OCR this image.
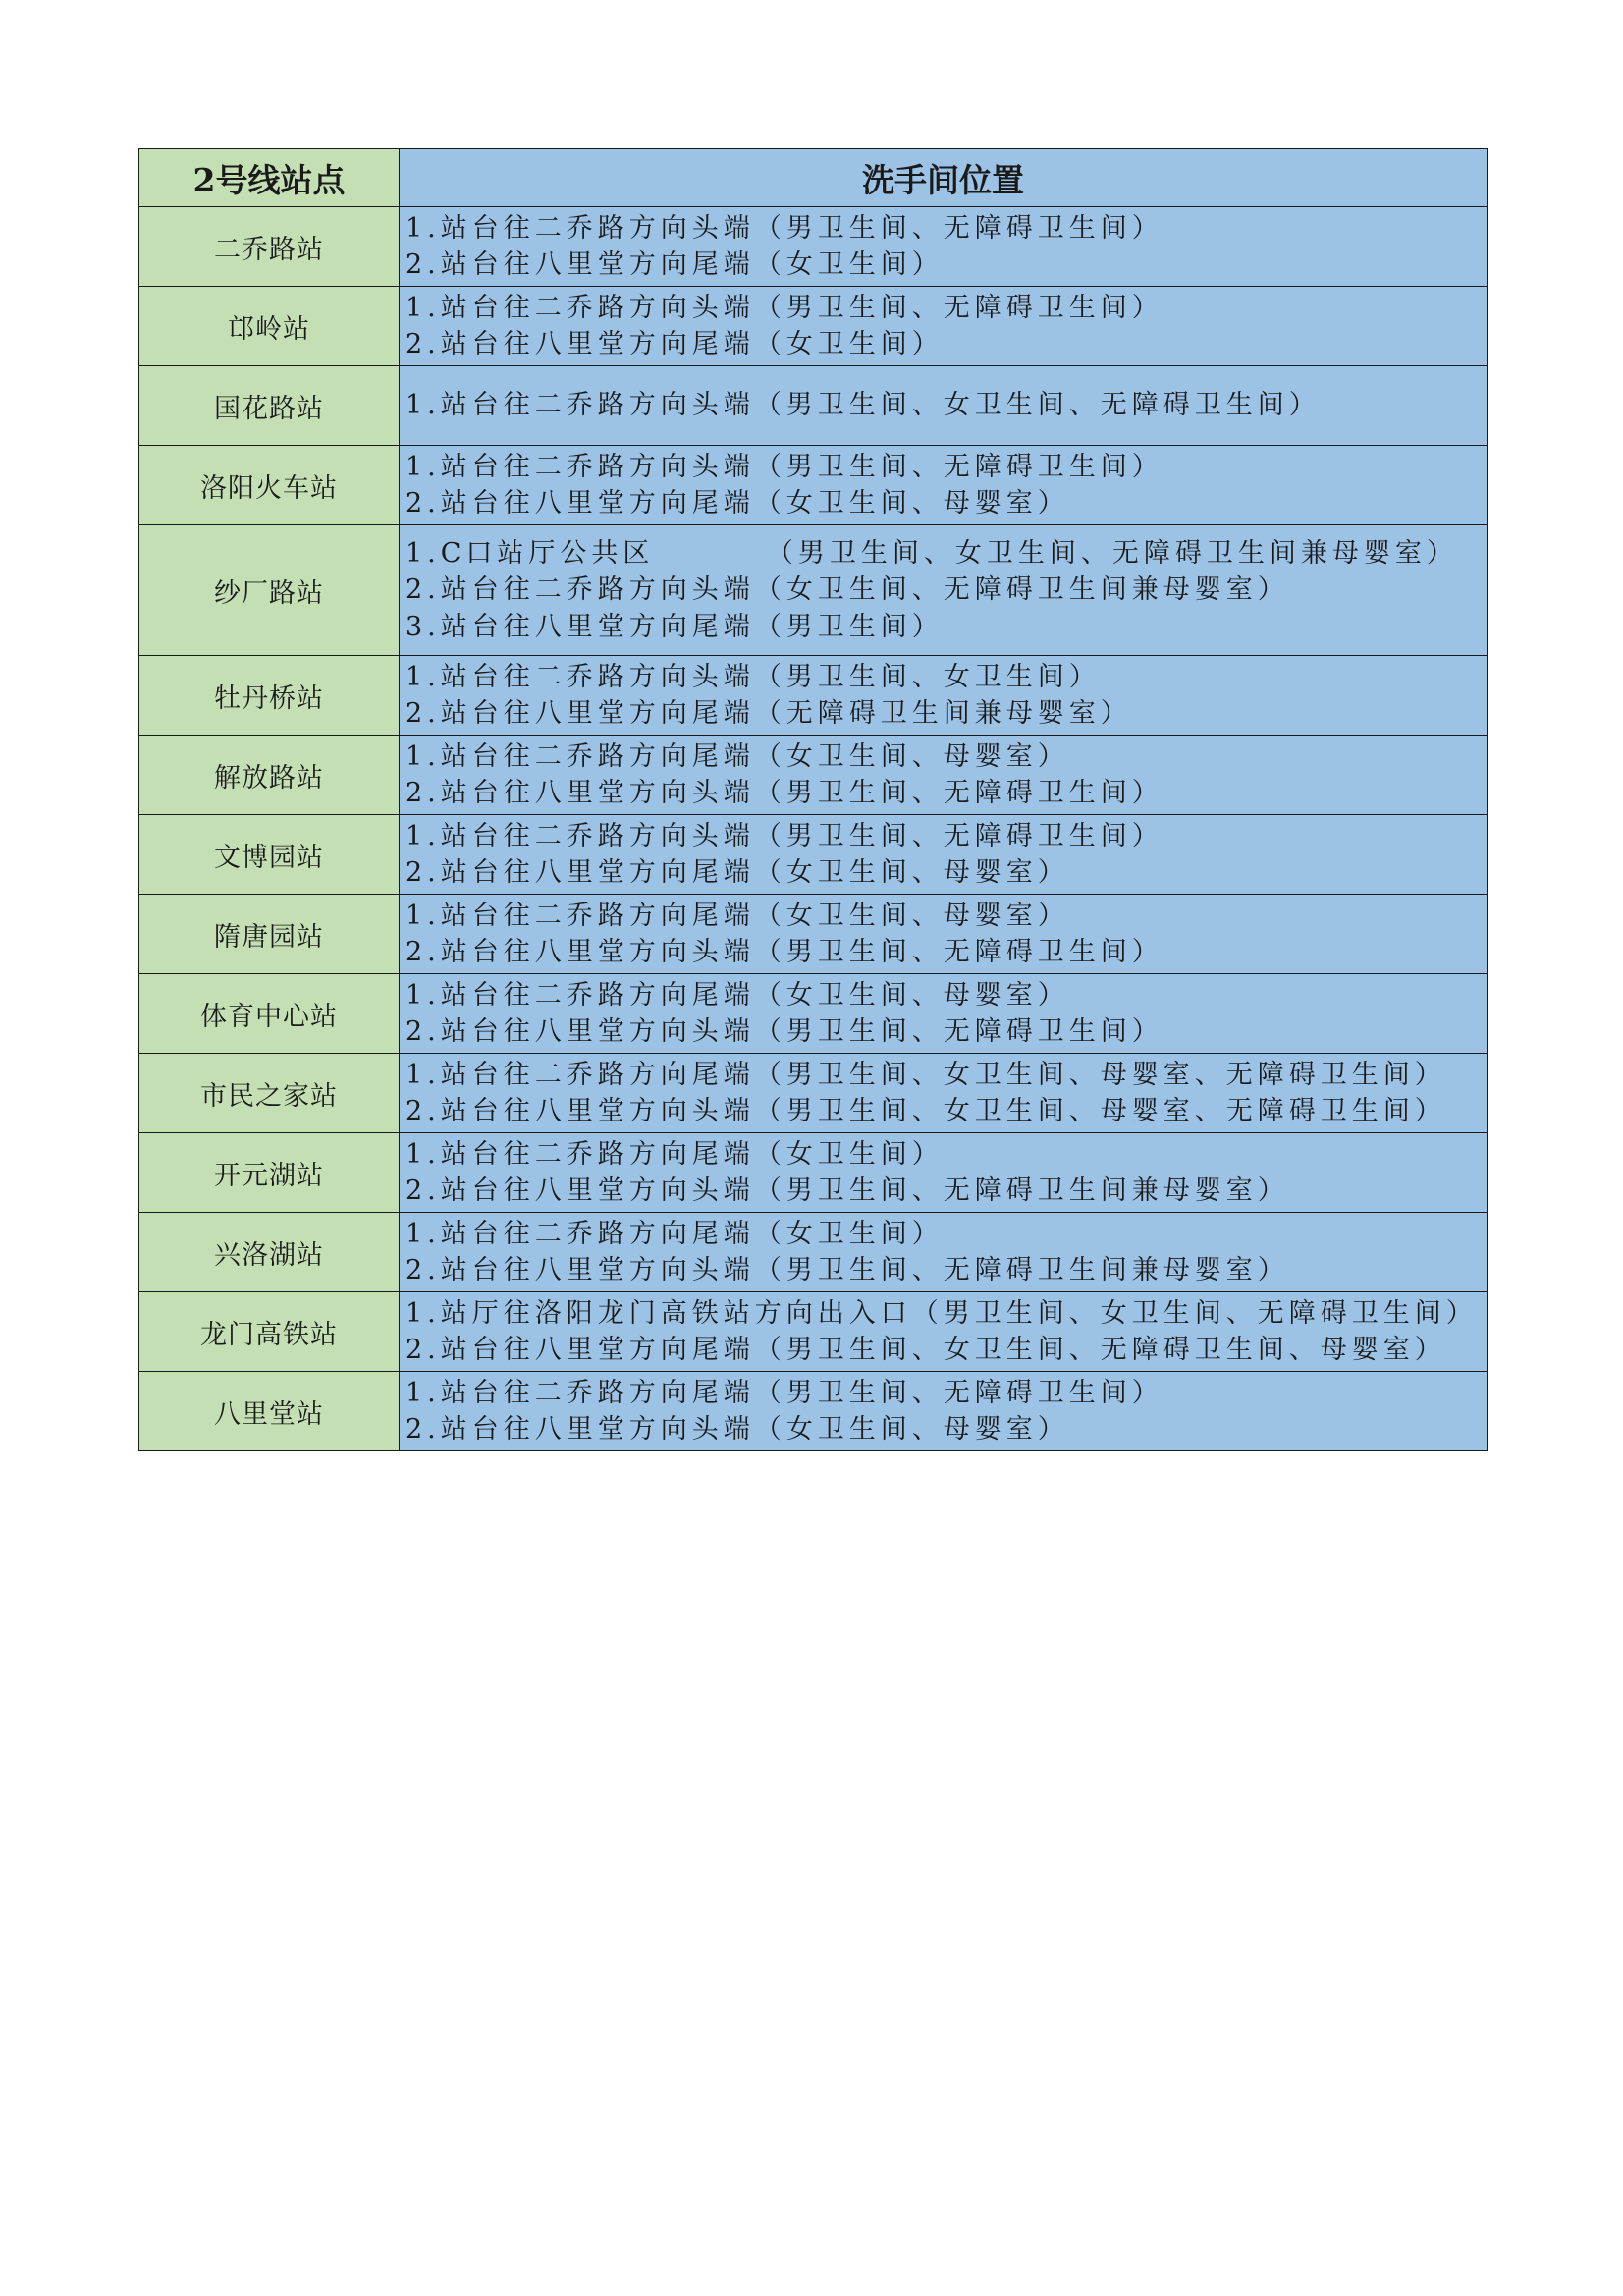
2号线站点	洗手间位置
二乔路站	1.站台往二乔路方向头端（男卫生间、无障碍卫生间）
2.站台往八里堂方向尾端（女卫生间）

邙岭站	1.站台往二乔路方向头端（男卫生间、无障碍卫生间）
2.站台往八里堂方向尾端（女卫生间）

国花路站	1.站台往二乔路方向头端（男卫生间、女卫生间、无障碍卫生间）

洛阳火车站	1.站台往二乔路方向头端（男卫生间、无障碍卫生间）
2.站台往八里堂方向尾端（女卫生间、母婴室）

纱厂路站	1.C口站厅公共区　　　　（男卫生间、女卫生间、无障碍卫生间兼母婴室）
2.站台往二乔路方向头端（女卫生间、无障碍卫生间兼母婴室）
3.站台往八里堂方向尾端（男卫生间）

牡丹桥站	1.站台往二乔路方向头端（男卫生间、女卫生间）
2.站台往八里堂方向尾端（无障碍卫生间兼母婴室）

解放路站	1.站台往二乔路方向尾端（女卫生间、母婴室）
2.站台往八里堂方向头端（男卫生间、无障碍卫生间）

文博园站	1.站台往二乔路方向头端（男卫生间、无障碍卫生间）
2.站台往八里堂方向尾端（女卫生间、母婴室）

隋唐园站	1.站台往二乔路方向尾端（女卫生间、母婴室）
2.站台往八里堂方向头端（男卫生间、无障碍卫生间）

体育中心站	1.站台往二乔路方向尾端（女卫生间、母婴室）
2.站台往八里堂方向头端（男卫生间、无障碍卫生间）

市民之家站	1.站台往二乔路方向尾端（男卫生间、女卫生间、母婴室、无障碍卫生间）
2.站台往八里堂方向头端（男卫生间、女卫生间、母婴室、无障碍卫生间）

开元湖站	1.站台往二乔路方向尾端（女卫生间）
2.站台往八里堂方向头端（男卫生间、无障碍卫生间兼母婴室）

兴洛湖站	1.站台往二乔路方向尾端（女卫生间）
2.站台往八里堂方向头端（男卫生间、无障碍卫生间兼母婴室）

龙门高铁站	1.站厅往洛阳龙门高铁站方向出入口（男卫生间、女卫生间、无障碍卫生间）
2.站台往八里堂方向尾端（男卫生间、女卫生间、无障碍卫生间、母婴室）

八里堂站	1.站台往二乔路方向尾端（男卫生间、无障碍卫生间）
2.站台往八里堂方向头端（女卫生间、母婴室）
